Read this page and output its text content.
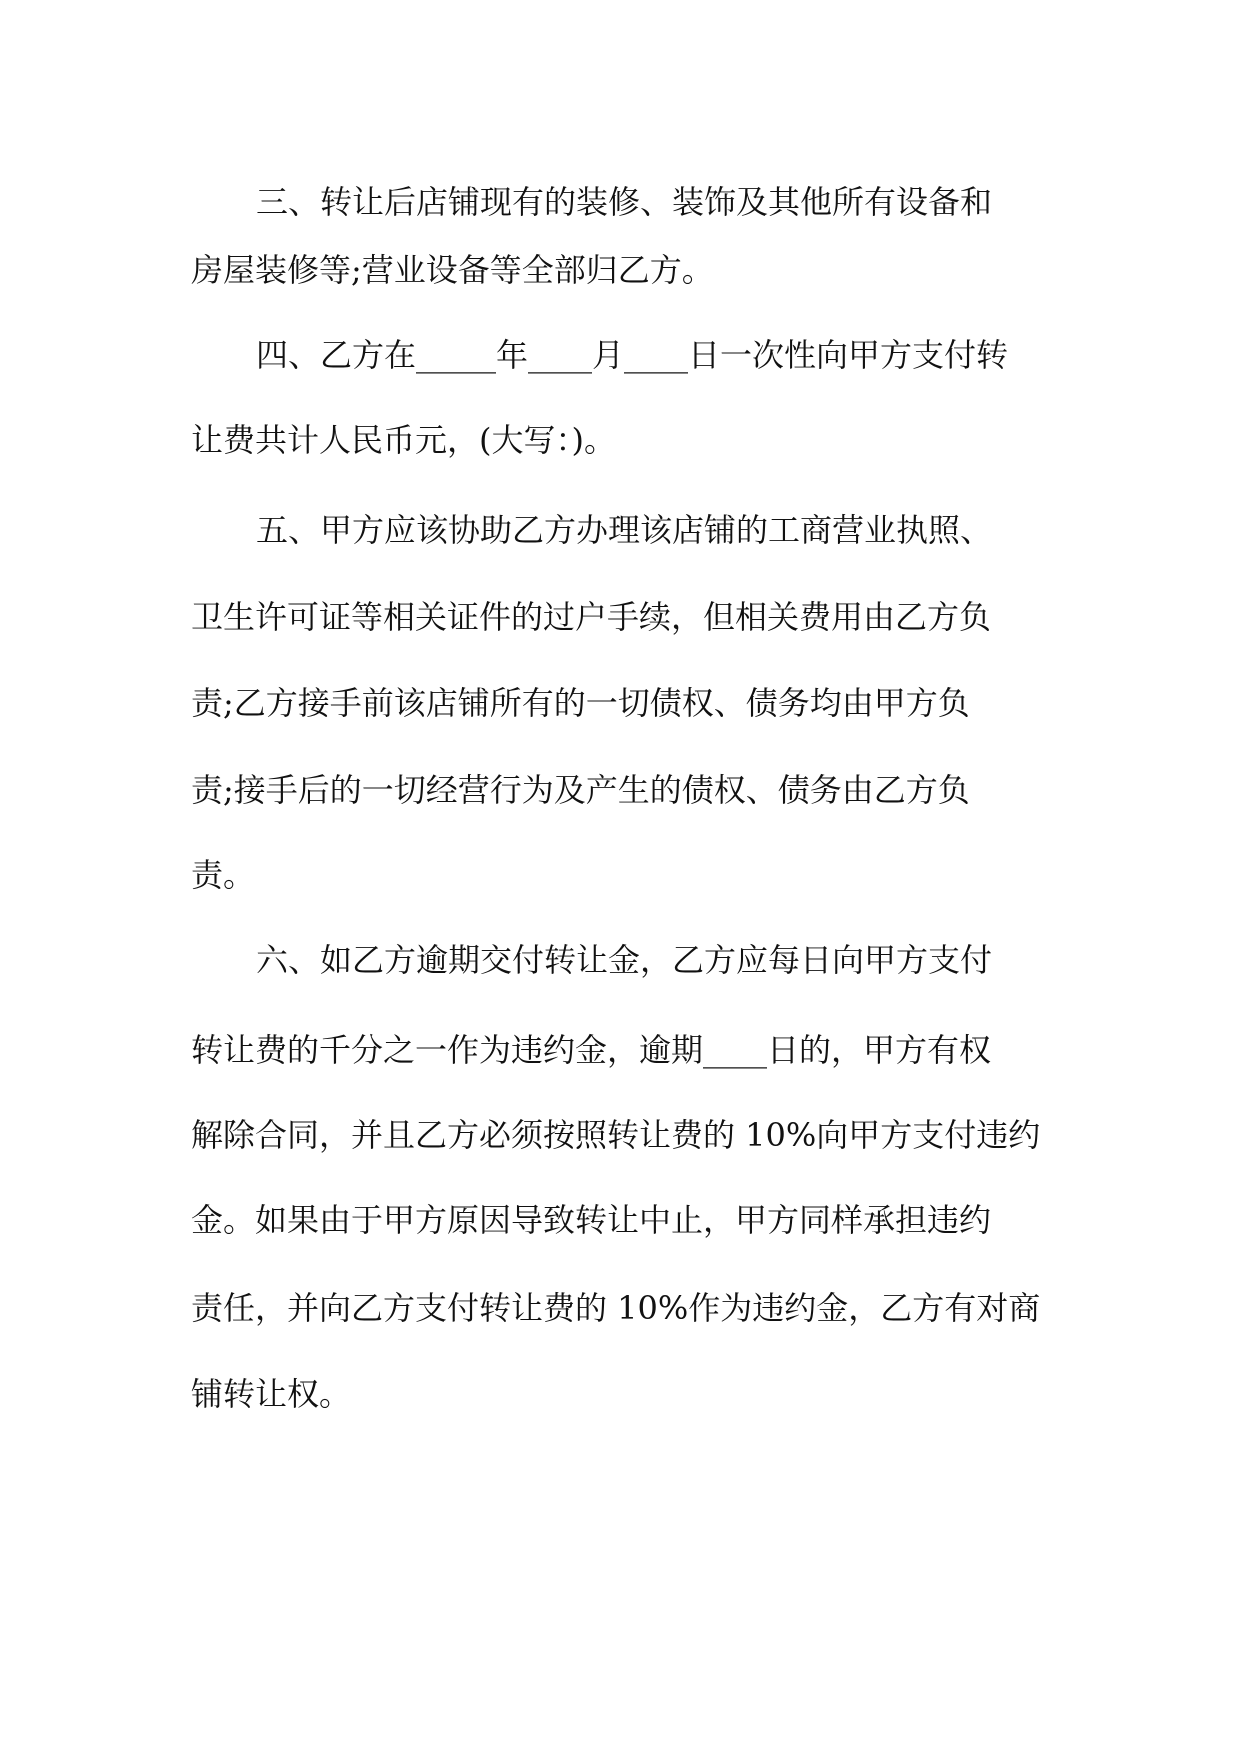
三、转让后店铺现有的装修、装饰及其他所有设备和
房屋装修等;营业设备等全部归乙方。
四、乙方在_____年____月____日一次性向甲方支付转
让费共计人民币元，(大写：)。
五、甲方应该协助乙方办理该店铺的工商营业执照、
卫生许可证等相关证件的过户手续，但相关费用由乙方负
责;乙方接手前该店铺所有的一切债权、债务均由甲方负
责;接手后的一切经营行为及产生的债权、债务由乙方负
责。
六、如乙方逾期交付转让金，乙方应每日向甲方支付
转让费的千分之一作为违约金，逾期____日的，甲方有权
解除合同，并且乙方必须按照转让费的 10%向甲方支付违约
金。如果由于甲方原因导致转让中止，甲方同样承担违约
责任，并向乙方支付转让费的 10%作为违约金，乙方有对商
铺转让权。
